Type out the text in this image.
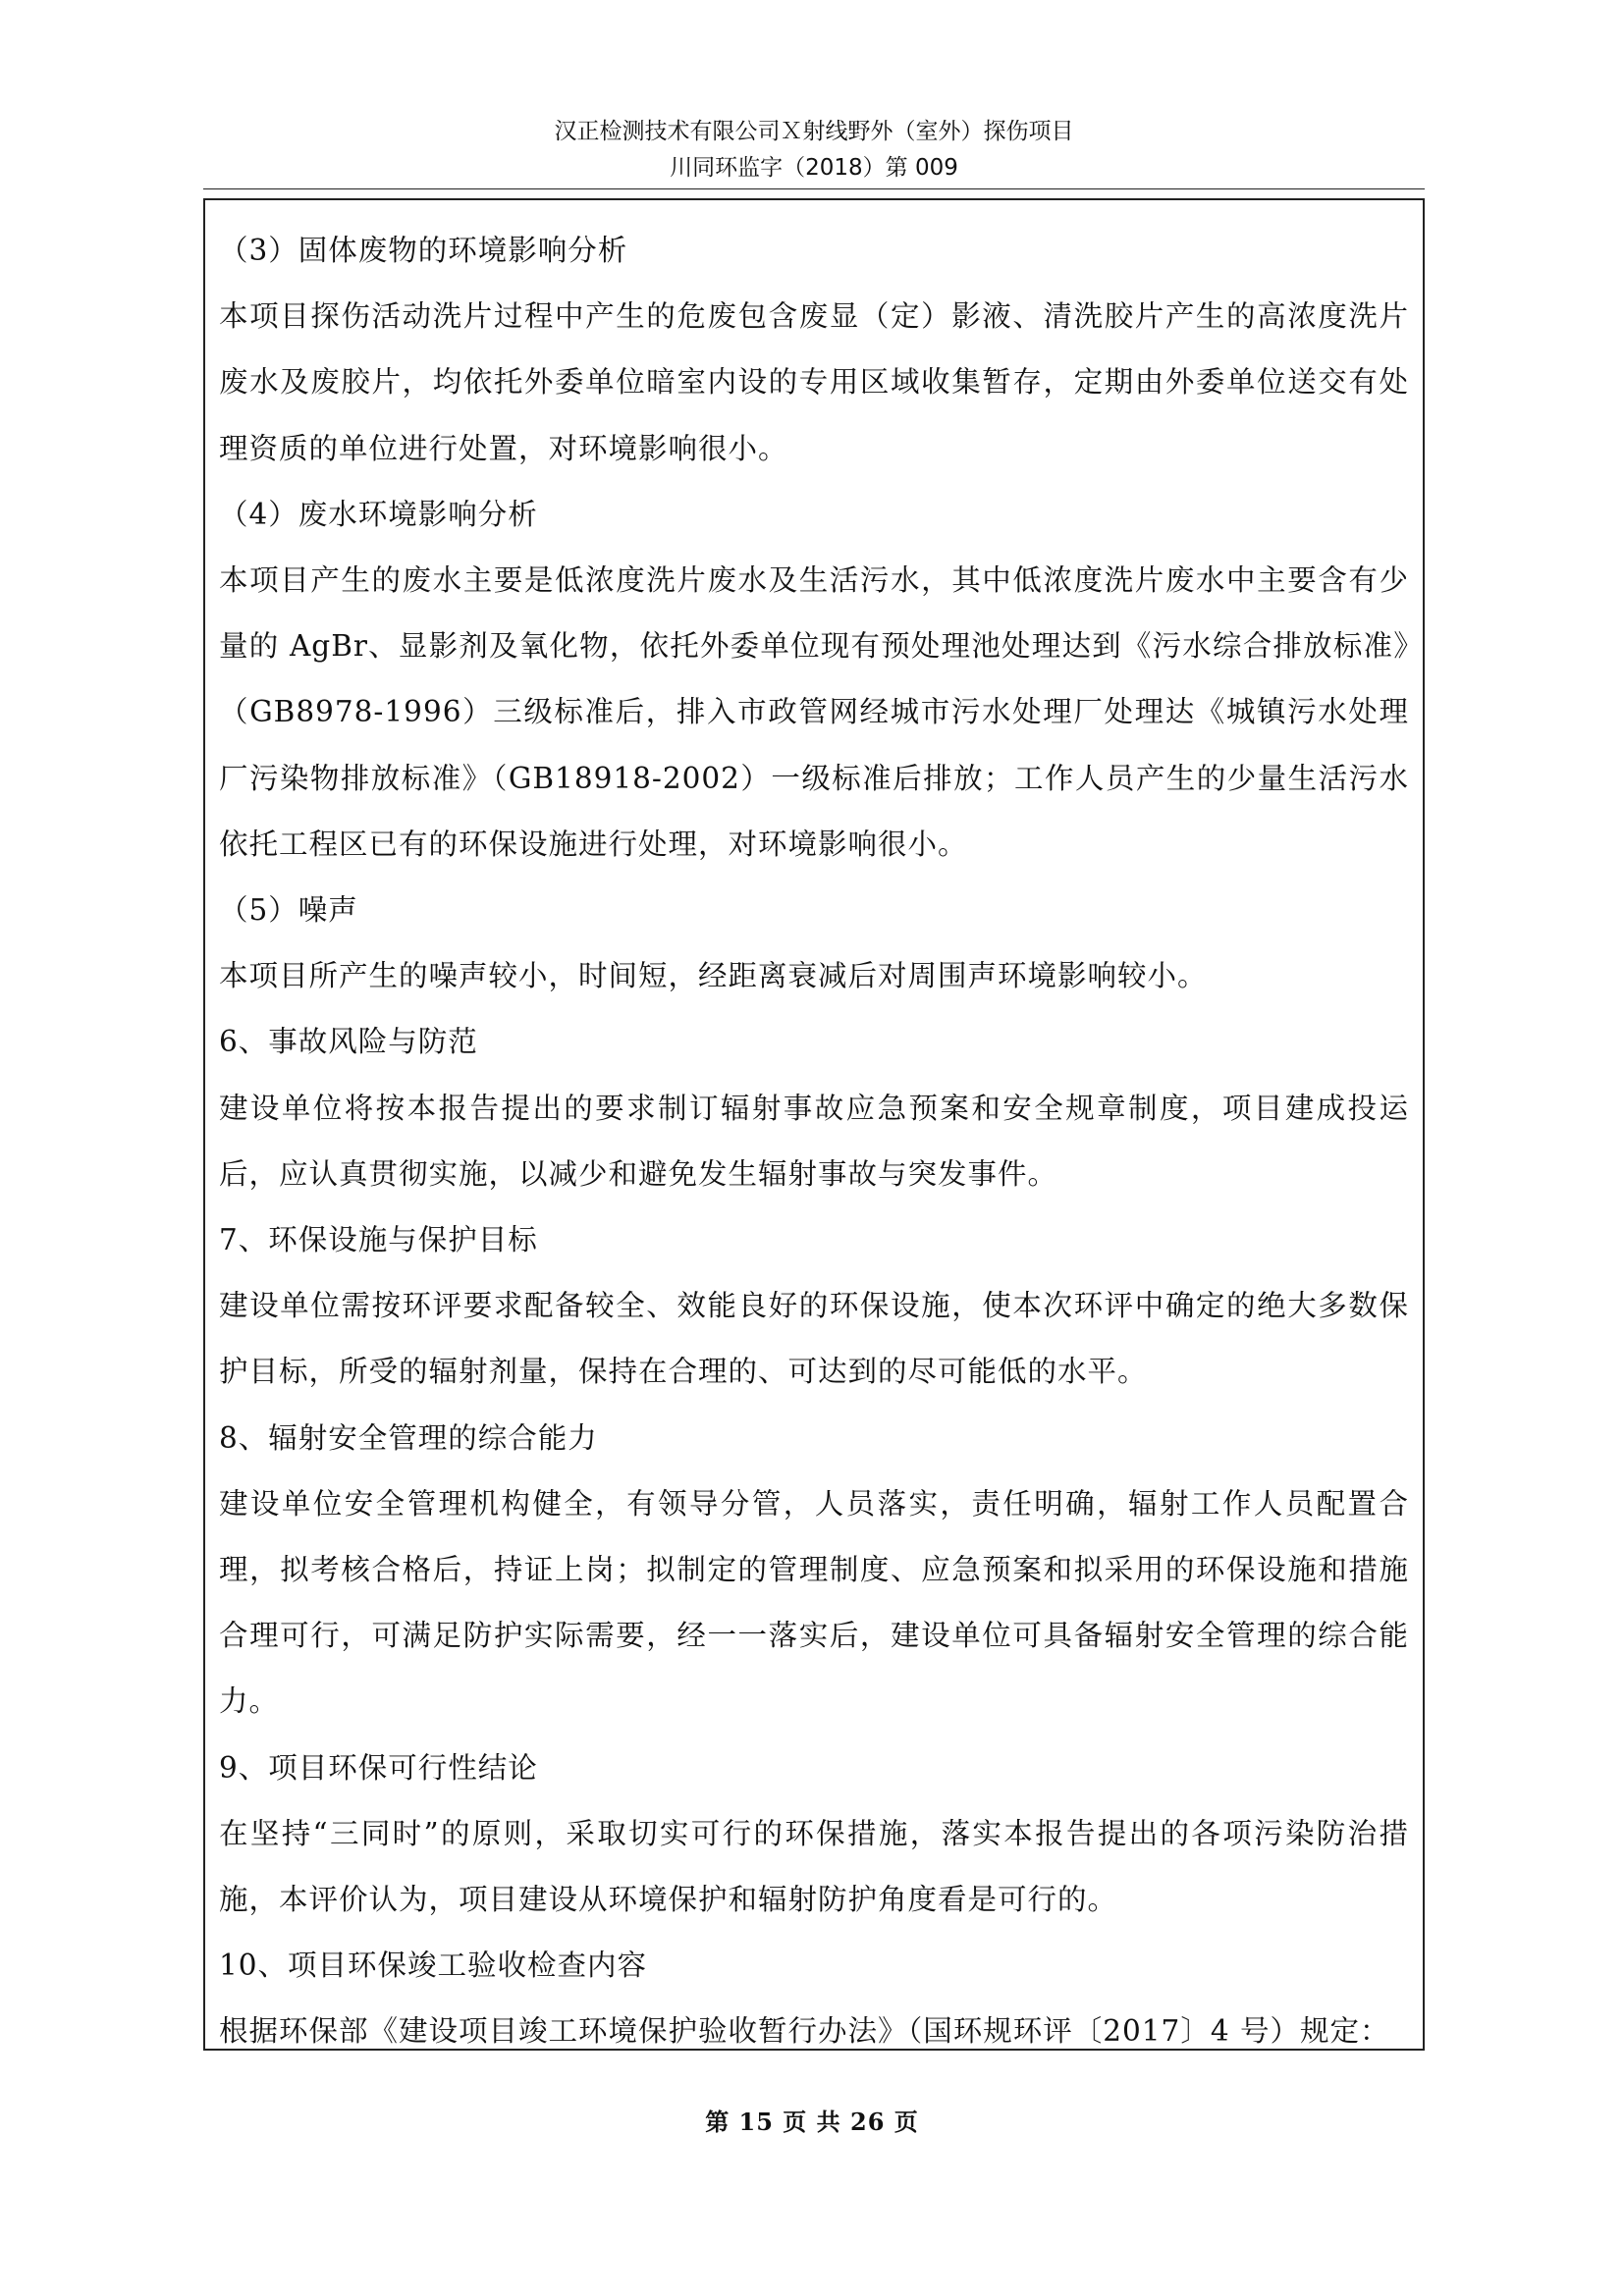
汉正检测技术有限公司Ｘ射线野外（室外）探伤项目
川同环监字（2018）第 009

（3）固体废物的环境影响分析

本项目探伤活动洗片过程中产生的危废包含废显（定）影液、清洗胶片产生的高浓度洗片废水及废胶片，均依托外委单位暗室内设的专用区域收集暂存，定期由外委单位送交有处理资质的单位进行处置，对环境影响很小。

（4）废水环境影响分析

本项目产生的废水主要是低浓度洗片废水及生活污水，其中低浓度洗片废水中主要含有少量的 AgBr、显影剂及氧化物，依托外委单位现有预处理池处理达到《污水综合排放标准》（GB8978-1996）三级标准后，排入市政管网经城市污水处理厂处理达《城镇污水处理厂污染物排放标准》（GB18918-2002）一级标准后排放；工作人员产生的少量生活污水依托工程区已有的环保设施进行处理，对环境影响很小。

（5）噪声

本项目所产生的噪声较小，时间短，经距离衰减后对周围声环境影响较小。

6、事故风险与防范

建设单位将按本报告提出的要求制订辐射事故应急预案和安全规章制度，项目建成投运后，应认真贯彻实施，以减少和避免发生辐射事故与突发事件。

7、环保设施与保护目标

建设单位需按环评要求配备较全、效能良好的环保设施，使本次环评中确定的绝大多数保护目标，所受的辐射剂量，保持在合理的、可达到的尽可能低的水平。

8、辐射安全管理的综合能力

建设单位安全管理机构健全，有领导分管，人员落实，责任明确，辐射工作人员配置合理，拟考核合格后，持证上岗；拟制定的管理制度、应急预案和拟采用的环保设施和措施合理可行，可满足防护实际需要，经一一落实后，建设单位可具备辐射安全管理的综合能力。

9、项目环保可行性结论

在坚持“三同时”的原则，采取切实可行的环保措施，落实本报告提出的各项污染防治措施，本评价认为，项目建设从环境保护和辐射防护角度看是可行的。

10、项目环保竣工验收检查内容

根据环保部《建设项目竣工环境保护验收暂行办法》（国环规环评〔2017〕4 号）规定：

第 15 页 共 26 页
